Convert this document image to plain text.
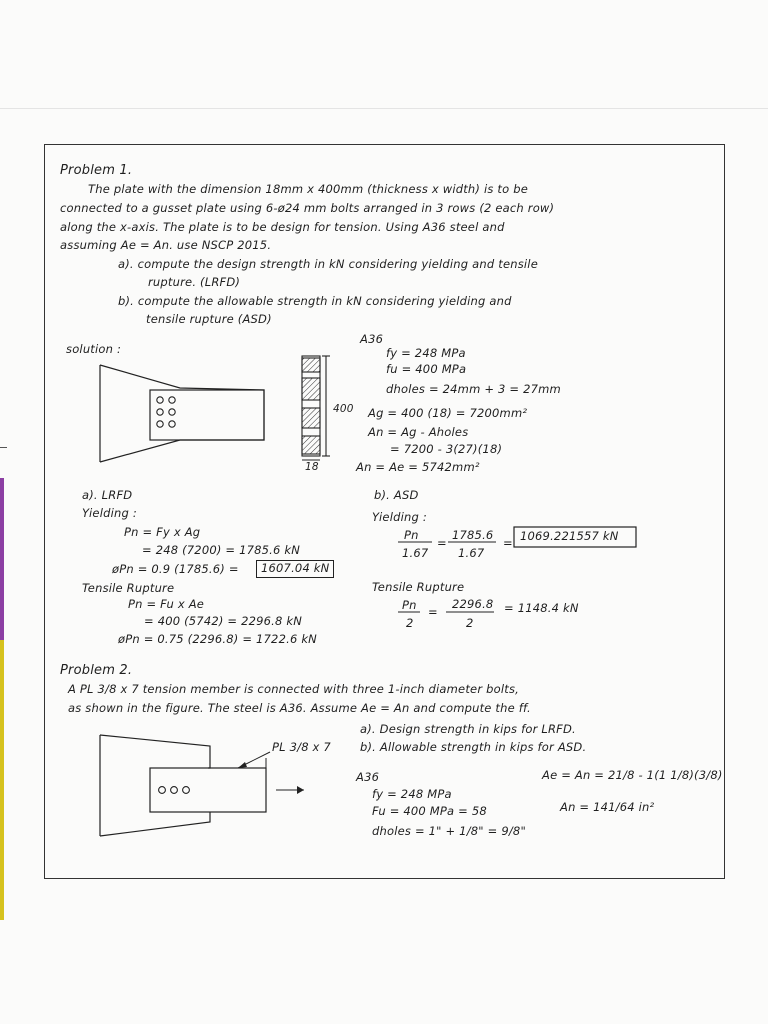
Problem 1.
The plate with the dimension 18mm x 400mm (thickness x width) is to be
connected to a gusset plate using 6-ø24 mm bolts arranged in 3 rows (2 each row)
along the x-axis. The plate is to be design for tension. Using A36 steel and
assuming Ae = An. use NSCP 2015.
a). compute the design strength in kN considering yielding and tensile
rupture. (LRFD)
b). compute the allowable strength in kN considering yielding and
tensile rupture (ASD)
solution :
400
18
A36
fy = 248 MPa
fu = 400 MPa
dholes = 24mm + 3 = 27mm
Ag = 400 (18) = 7200mm²
An = Ag - Aholes
= 7200 - 3(27)(18)
An = Ae = 5742mm²
a). LRFD
Yielding :
Pn = Fy x Ag
= 248 (7200) = 1785.6 kN
øPn = 0.9 (1785.6) =	1607.04 kN
Tensile Rupture
Pn = Fu x Ae
= 400 (5742) = 2296.8 kN
øPn = 0.75 (2296.8) = 1722.6 kN
b). ASD
Yielding :
Pn
1.67
=
1785.6
1.67
= 1069.221557 kN
Tensile Rupture
Pn
2
=
2296.8
2
= 1148.4 kN
Problem 2.
A PL 3/8 x 7 tension member is connected with three 1-inch diameter bolts,
as shown in the figure. The steel is A36. Assume Ae = An and compute the ff.
a). Design strength in kips for LRFD.
b). Allowable strength in kips for ASD.
PL 3/8 x 7
A36
fy = 248 MPa
Fu = 400 MPa = 58
dholes = 1" + 1/8" = 9/8"
Ae = An = 21/8 - 1(1 1/8)(3/8)
An = 141/64 in²
